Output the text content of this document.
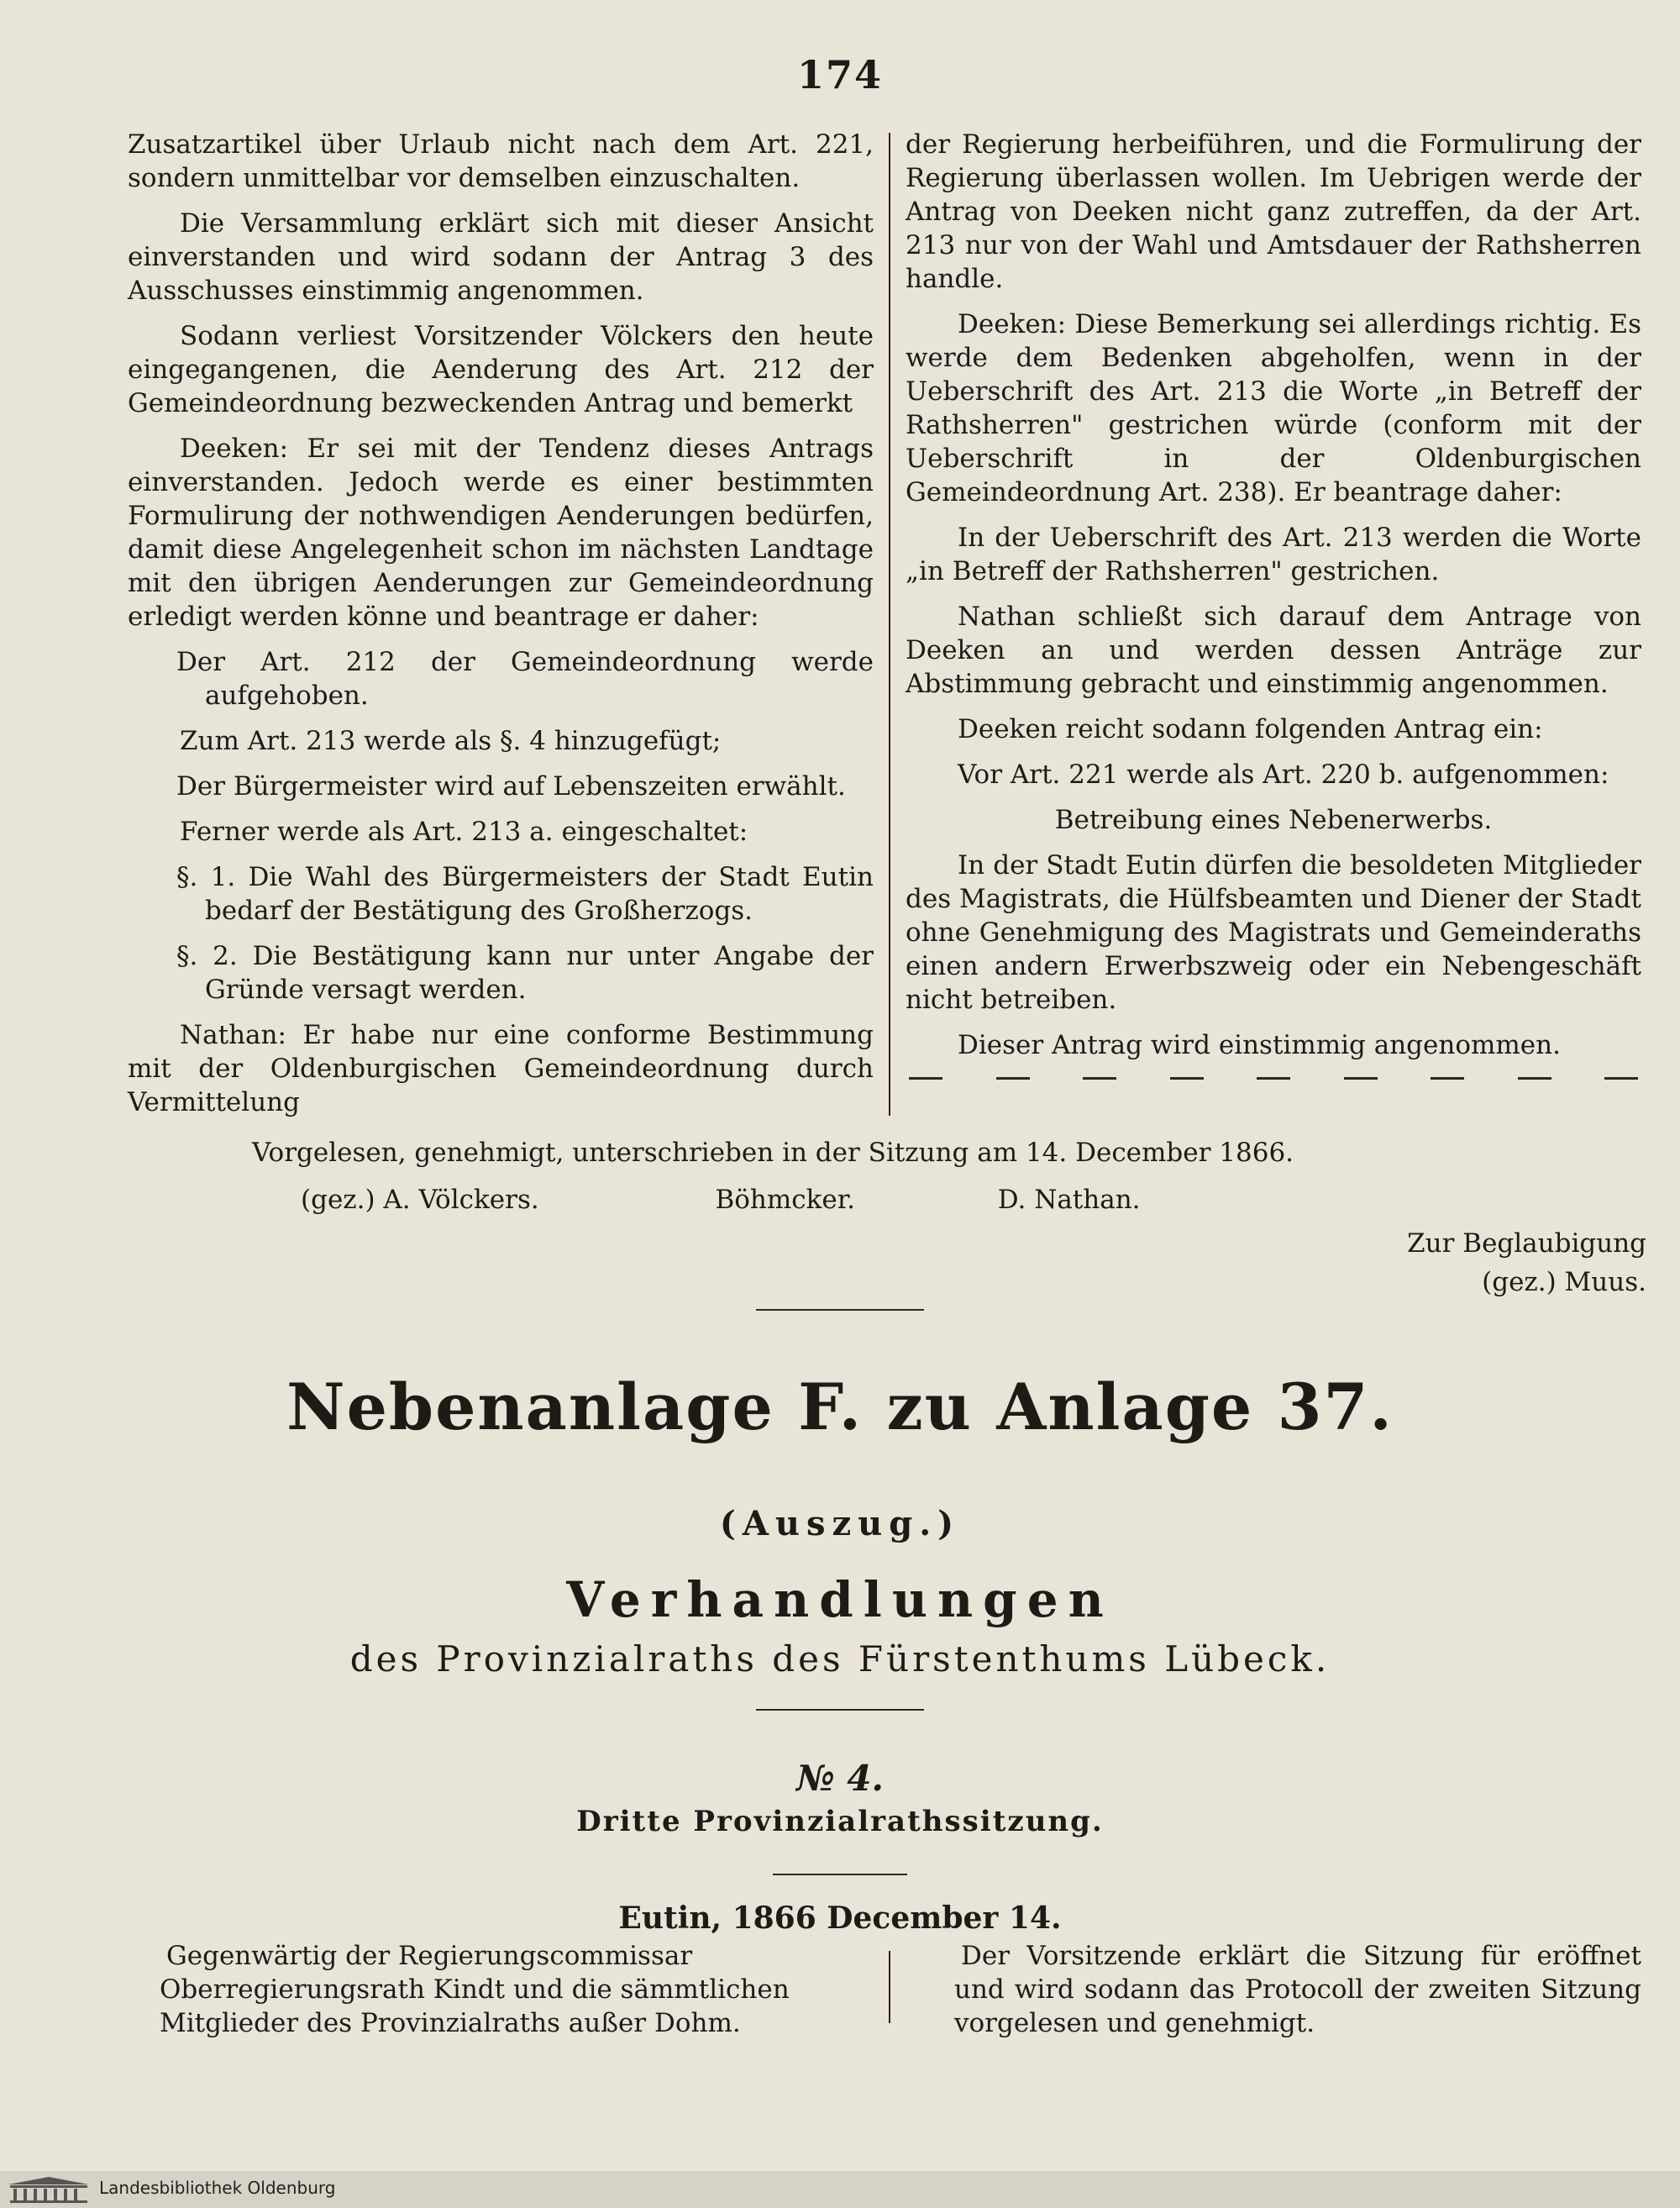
174

Zusatzartikel über Urlaub nicht nach dem Art. 221, sondern unmittelbar vor demselben einzuschalten.

Die Versammlung erklärt sich mit dieser Ansicht einverstanden und wird sodann der Antrag 3 des Ausschusses einstimmig angenommen.

Sodann verliest Vorsitzender Völckers den heute eingegangenen, die Aenderung des Art. 212 der Gemeindeordnung bezweckenden Antrag und bemerkt

Deeken: Er sei mit der Tendenz dieses Antrags einverstanden. Jedoch werde es einer bestimmten Formulirung der nothwendigen Aenderungen bedürfen, damit diese Angelegenheit schon im nächsten Landtage mit den übrigen Aenderungen zur Gemeindeordnung erledigt werden könne und beantrage er daher:

Der Art. 212 der Gemeindeordnung werde aufgehoben.

Zum Art. 213 werde als §. 4 hinzugefügt;

Der Bürgermeister wird auf Lebenszeiten erwählt.

Ferner werde als Art. 213 a. eingeschaltet:

§. 1. Die Wahl des Bürgermeisters der Stadt Eutin bedarf der Bestätigung des Großherzogs.

§. 2. Die Bestätigung kann nur unter Angabe der Gründe versagt werden.

Nathan: Er habe nur eine conforme Bestimmung mit der Oldenburgischen Gemeindeordnung durch Vermittelung

der Regierung herbeiführen, und die Formulirung der Regierung überlassen wollen. Im Uebrigen werde der Antrag von Deeken nicht ganz zutreffen, da der Art. 213 nur von der Wahl und Amtsdauer der Rathsherren handle.

Deeken: Diese Bemerkung sei allerdings richtig. Es werde dem Bedenken abgeholfen, wenn in der Ueberschrift des Art. 213 die Worte „in Betreff der Rathsherren" gestrichen würde (conform mit der Ueberschrift in der Oldenburgischen Gemeindeordnung Art. 238). Er beantrage daher:

In der Ueberschrift des Art. 213 werden die Worte „in Betreff der Rathsherren" gestrichen.

Nathan schließt sich darauf dem Antrage von Deeken an und werden dessen Anträge zur Abstimmung gebracht und einstimmig angenommen.

Deeken reicht sodann folgenden Antrag ein:

Vor Art. 221 werde als Art. 220 b. aufgenommen:

Betreibung eines Nebenerwerbs.

In der Stadt Eutin dürfen die besoldeten Mitglieder des Magistrats, die Hülfsbeamten und Diener der Stadt ohne Genehmigung des Magistrats und Gemeinderaths einen andern Erwerbszweig oder ein Nebengeschäft nicht betreiben.

Dieser Antrag wird einstimmig angenommen.

Vorgelesen, genehmigt, unterschrieben in der Sitzung am 14. December 1866.
(gez.) A. Völckers.	Böhmcker.	D. Nathan.
Zur Beglaubigung
(gez.) Muus.
Nebenanlage F. zu Anlage 37.
(Auszug.)
Verhandlungen
des Provinzialraths des Fürstenthums Lübeck.
№ 4.
Dritte Provinzialrathssitzung.
Eutin, 1866 December 14.
Gegenwärtig der Regierungscommissar Oberregierungsrath Kindt und die sämmtlichen Mitglieder des Provinzialraths außer Dohm.
Der Vorsitzende erklärt die Sitzung für eröffnet und wird sodann das Protocoll der zweiten Sitzung vorgelesen und genehmigt.
Landesbibliothek Oldenburg
